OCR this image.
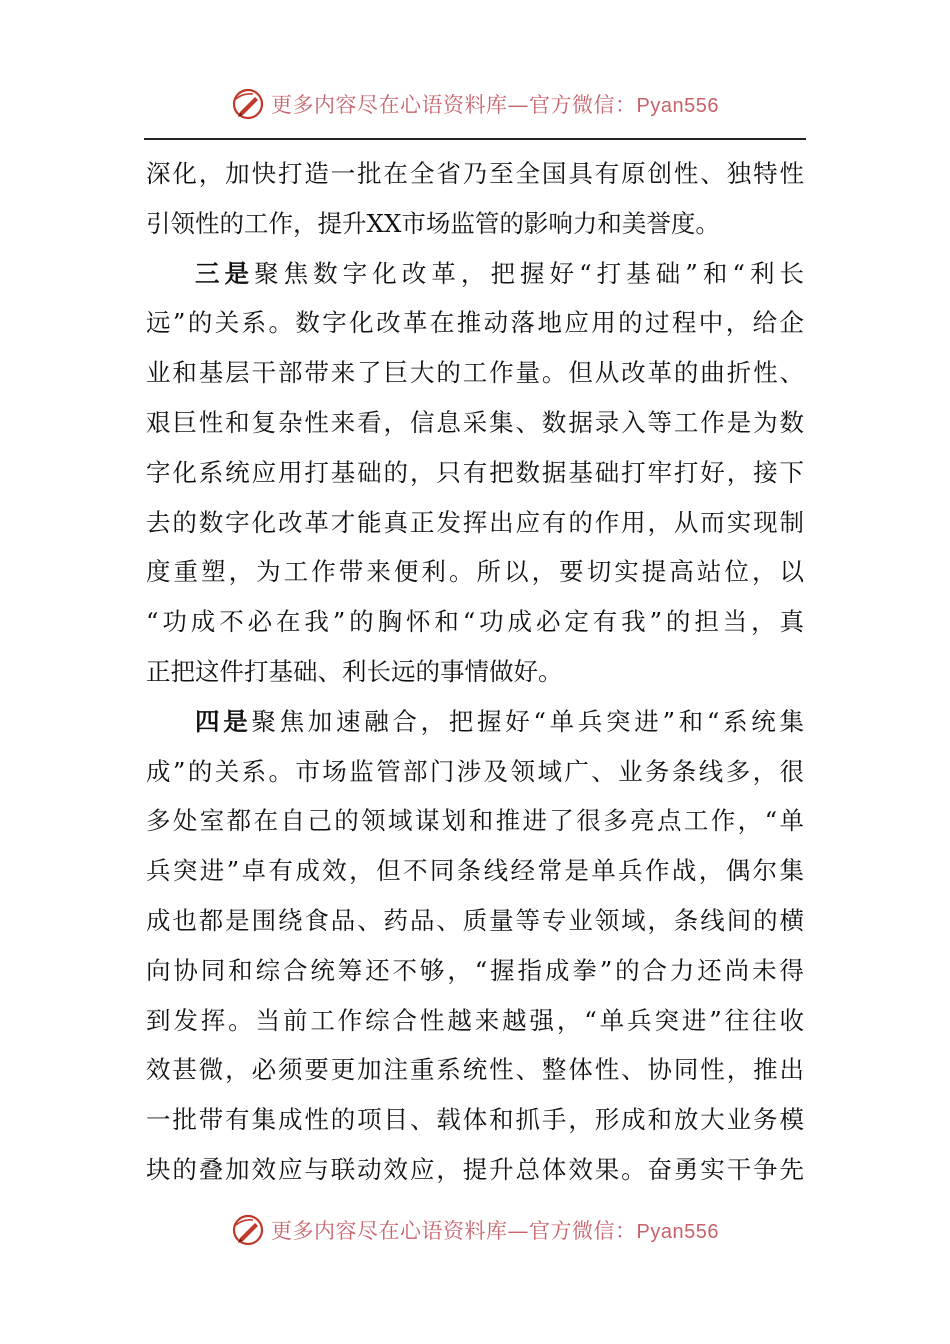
更多内容尽在心语资料库—官方微信：Pyan556
深化，加快打造一批在全省乃至全国具有原创性、独特性
引领性的工作，提升XX市场监管的影响力和美誉度。
三是聚焦数字化改革，把握好“打基础”和“利长
远”的关系。数字化改革在推动落地应用的过程中，给企
业和基层干部带来了巨大的工作量。但从改革的曲折性、
艰巨性和复杂性来看，信息采集、数据录入等工作是为数
字化系统应用打基础的，只有把数据基础打牢打好，接下
去的数字化改革才能真正发挥出应有的作用，从而实现制
度重塑，为工作带来便利。所以，要切实提高站位，以
“功成不必在我”的胸怀和“功成必定有我”的担当，真
正把这件打基础、利长远的事情做好。
四是聚焦加速融合，把握好“单兵突进”和“系统集
成”的关系。市场监管部门涉及领域广、业务条线多，很
多处室都在自己的领域谋划和推进了很多亮点工作，“单
兵突进”卓有成效，但不同条线经常是单兵作战，偶尔集
成也都是围绕食品、药品、质量等专业领域，条线间的横
向协同和综合统筹还不够，“握指成拳”的合力还尚未得
到发挥。当前工作综合性越来越强，“单兵突进”往往收
效甚微，必须要更加注重系统性、整体性、协同性，推出
一批带有集成性的项目、载体和抓手，形成和放大业务模
块的叠加效应与联动效应，提升总体效果。奋勇实干争先
更多内容尽在心语资料库—官方微信：Pyan556
